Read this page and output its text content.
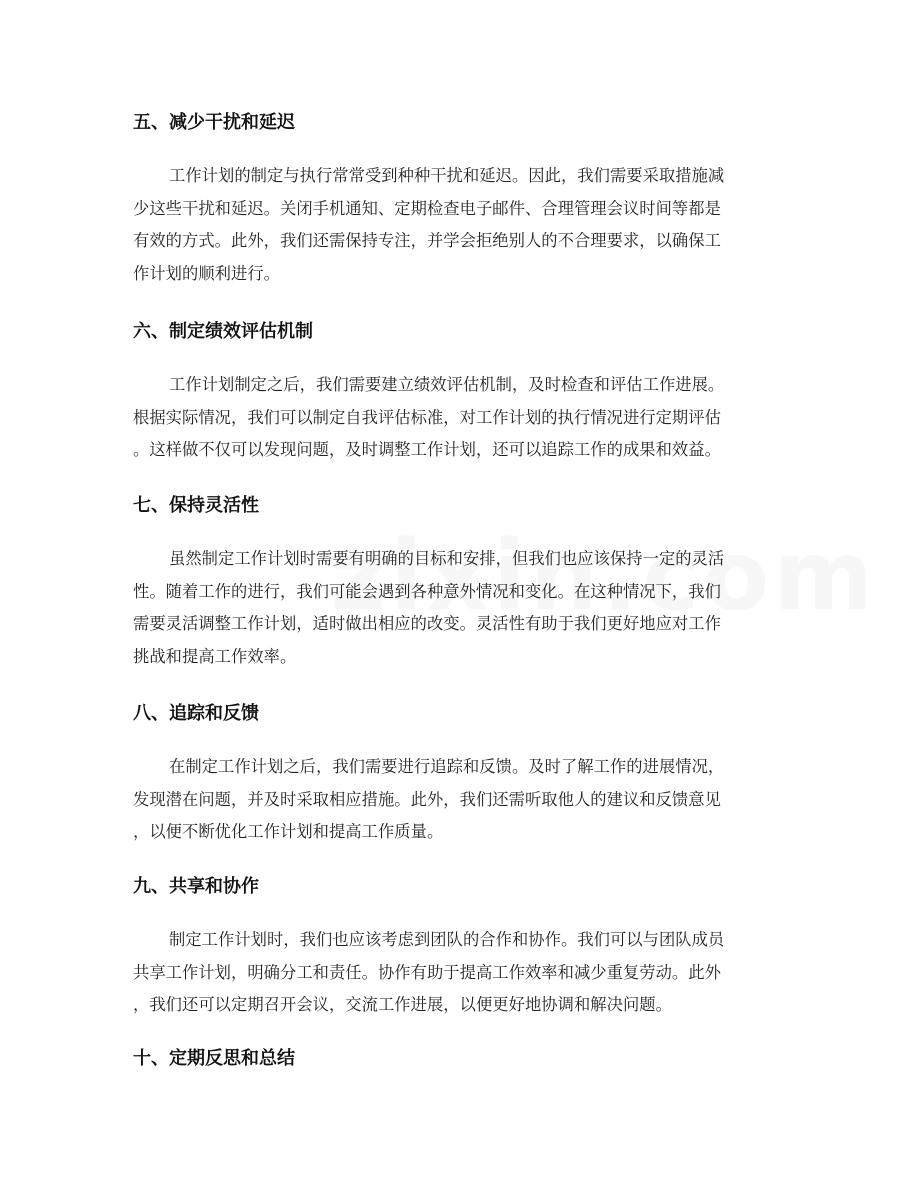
五、减少干扰和延迟
工作计划的制定与执行常常受到种种干扰和延迟。因此，我们需要采取措施减
少这些干扰和延迟。关闭手机通知、定期检查电子邮件、合理管理会议时间等都是
有效的方式。此外，我们还需保持专注，并学会拒绝别人的不合理要求，以确保工
作计划的顺利进行。
六、制定绩效评估机制
工作计划制定之后，我们需要建立绩效评估机制，及时检查和评估工作进展。
根据实际情况，我们可以制定自我评估标准，对工作计划的执行情况进行定期评估
。这样做不仅可以发现问题，及时调整工作计划，还可以追踪工作的成果和效益。
七、保持灵活性
虽然制定工作计划时需要有明确的目标和安排，但我们也应该保持一定的灵活
性。随着工作的进行，我们可能会遇到各种意外情况和变化。在这种情况下，我们
需要灵活调整工作计划，适时做出相应的改变。灵活性有助于我们更好地应对工作
挑战和提高工作效率。
八、追踪和反馈
在制定工作计划之后，我们需要进行追踪和反馈。及时了解工作的进展情况，
发现潜在问题，并及时采取相应措施。此外，我们还需听取他人的建议和反馈意见
，以便不断优化工作计划和提高工作质量。
九、共享和协作
制定工作计划时，我们也应该考虑到团队的合作和协作。我们可以与团队成员
共享工作计划，明确分工和责任。协作有助于提高工作效率和减少重复劳动。此外
，我们还可以定期召开会议，交流工作进展，以便更好地协调和解决问题。
十、定期反思和总结
